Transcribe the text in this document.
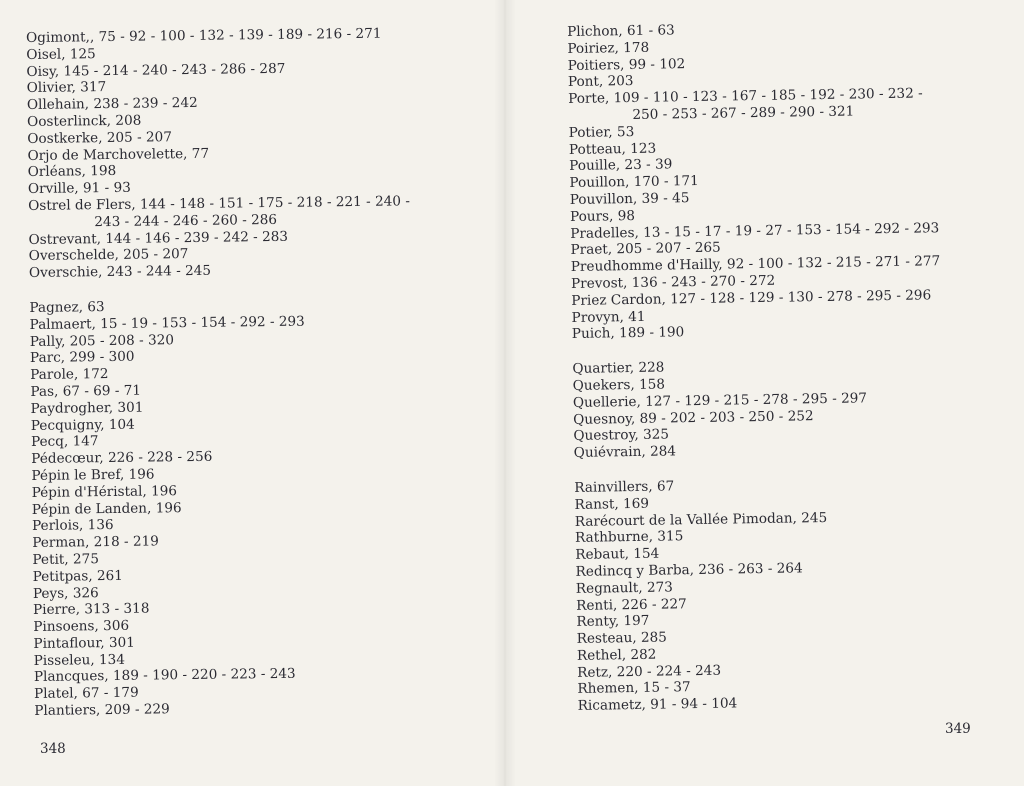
Ogimont,, 75 - 92 - 100 - 132 - 139 - 189 - 216 - 271
Oisel, 125
Oisy, 145 - 214 - 240 - 243 - 286 - 287
Olivier, 317
Ollehain, 238 - 239 - 242
Oosterlinck, 208
Oostkerke, 205 - 207
Orjo de Marchovelette, 77
Orléans, 198
Orville, 91 - 93
Ostrel de Flers, 144 - 148 - 151 - 175 - 218 - 221 - 240 -
243 - 244 - 246 - 260 - 286
Ostrevant, 144 - 146 - 239 - 242 - 283
Overschelde, 205 - 207
Overschie, 243 - 244 - 245
Pagnez, 63
Palmaert, 15 - 19 - 153 - 154 - 292 - 293
Pally, 205 - 208 - 320
Parc, 299 - 300
Parole, 172
Pas, 67 - 69 - 71
Paydrogher, 301
Pecquigny, 104
Pecq, 147
Pédecœur, 226 - 228 - 256
Pépin le Bref, 196
Pépin d'Héristal, 196
Pépin de Landen, 196
Perlois, 136
Perman, 218 - 219
Petit, 275
Petitpas, 261
Peys, 326
Pierre, 313 - 318
Pinsoens, 306
Pintaflour, 301
Pisseleu, 134
Plancques, 189 - 190 - 220 - 223 - 243
Platel, 67 - 179
Plantiers, 209 - 229
348
Plichon, 61 - 63
Poiriez, 178
Poitiers, 99 - 102
Pont, 203
Porte, 109 - 110 - 123 - 167 - 185 - 192 - 230 - 232 -
250 - 253 - 267 - 289 - 290 - 321
Potier, 53
Potteau, 123
Pouille, 23 - 39
Pouillon, 170 - 171
Pouvillon, 39 - 45
Pours, 98
Pradelles, 13 - 15 - 17 - 19 - 27 - 153 - 154 - 292 - 293
Praet, 205 - 207 - 265
Preudhomme d'Hailly, 92 - 100 - 132 - 215 - 271 - 277
Prevost, 136 - 243 - 270 - 272
Priez Cardon, 127 - 128 - 129 - 130 - 278 - 295 - 296
Provyn, 41
Puich, 189 - 190
Quartier, 228
Quekers, 158
Quellerie, 127 - 129 - 215 - 278 - 295 - 297
Quesnoy, 89 - 202 - 203 - 250 - 252
Questroy, 325
Quiévrain, 284
Rainvillers, 67
Ranst, 169
Rarécourt de la Vallée Pimodan, 245
Rathburne, 315
Rebaut, 154
Redincq y Barba, 236 - 263 - 264
Regnault, 273
Renti, 226 - 227
Renty, 197
Resteau, 285
Rethel, 282
Retz, 220 - 224 - 243
Rhemen, 15 - 37
Ricametz, 91 - 94 - 104
349
